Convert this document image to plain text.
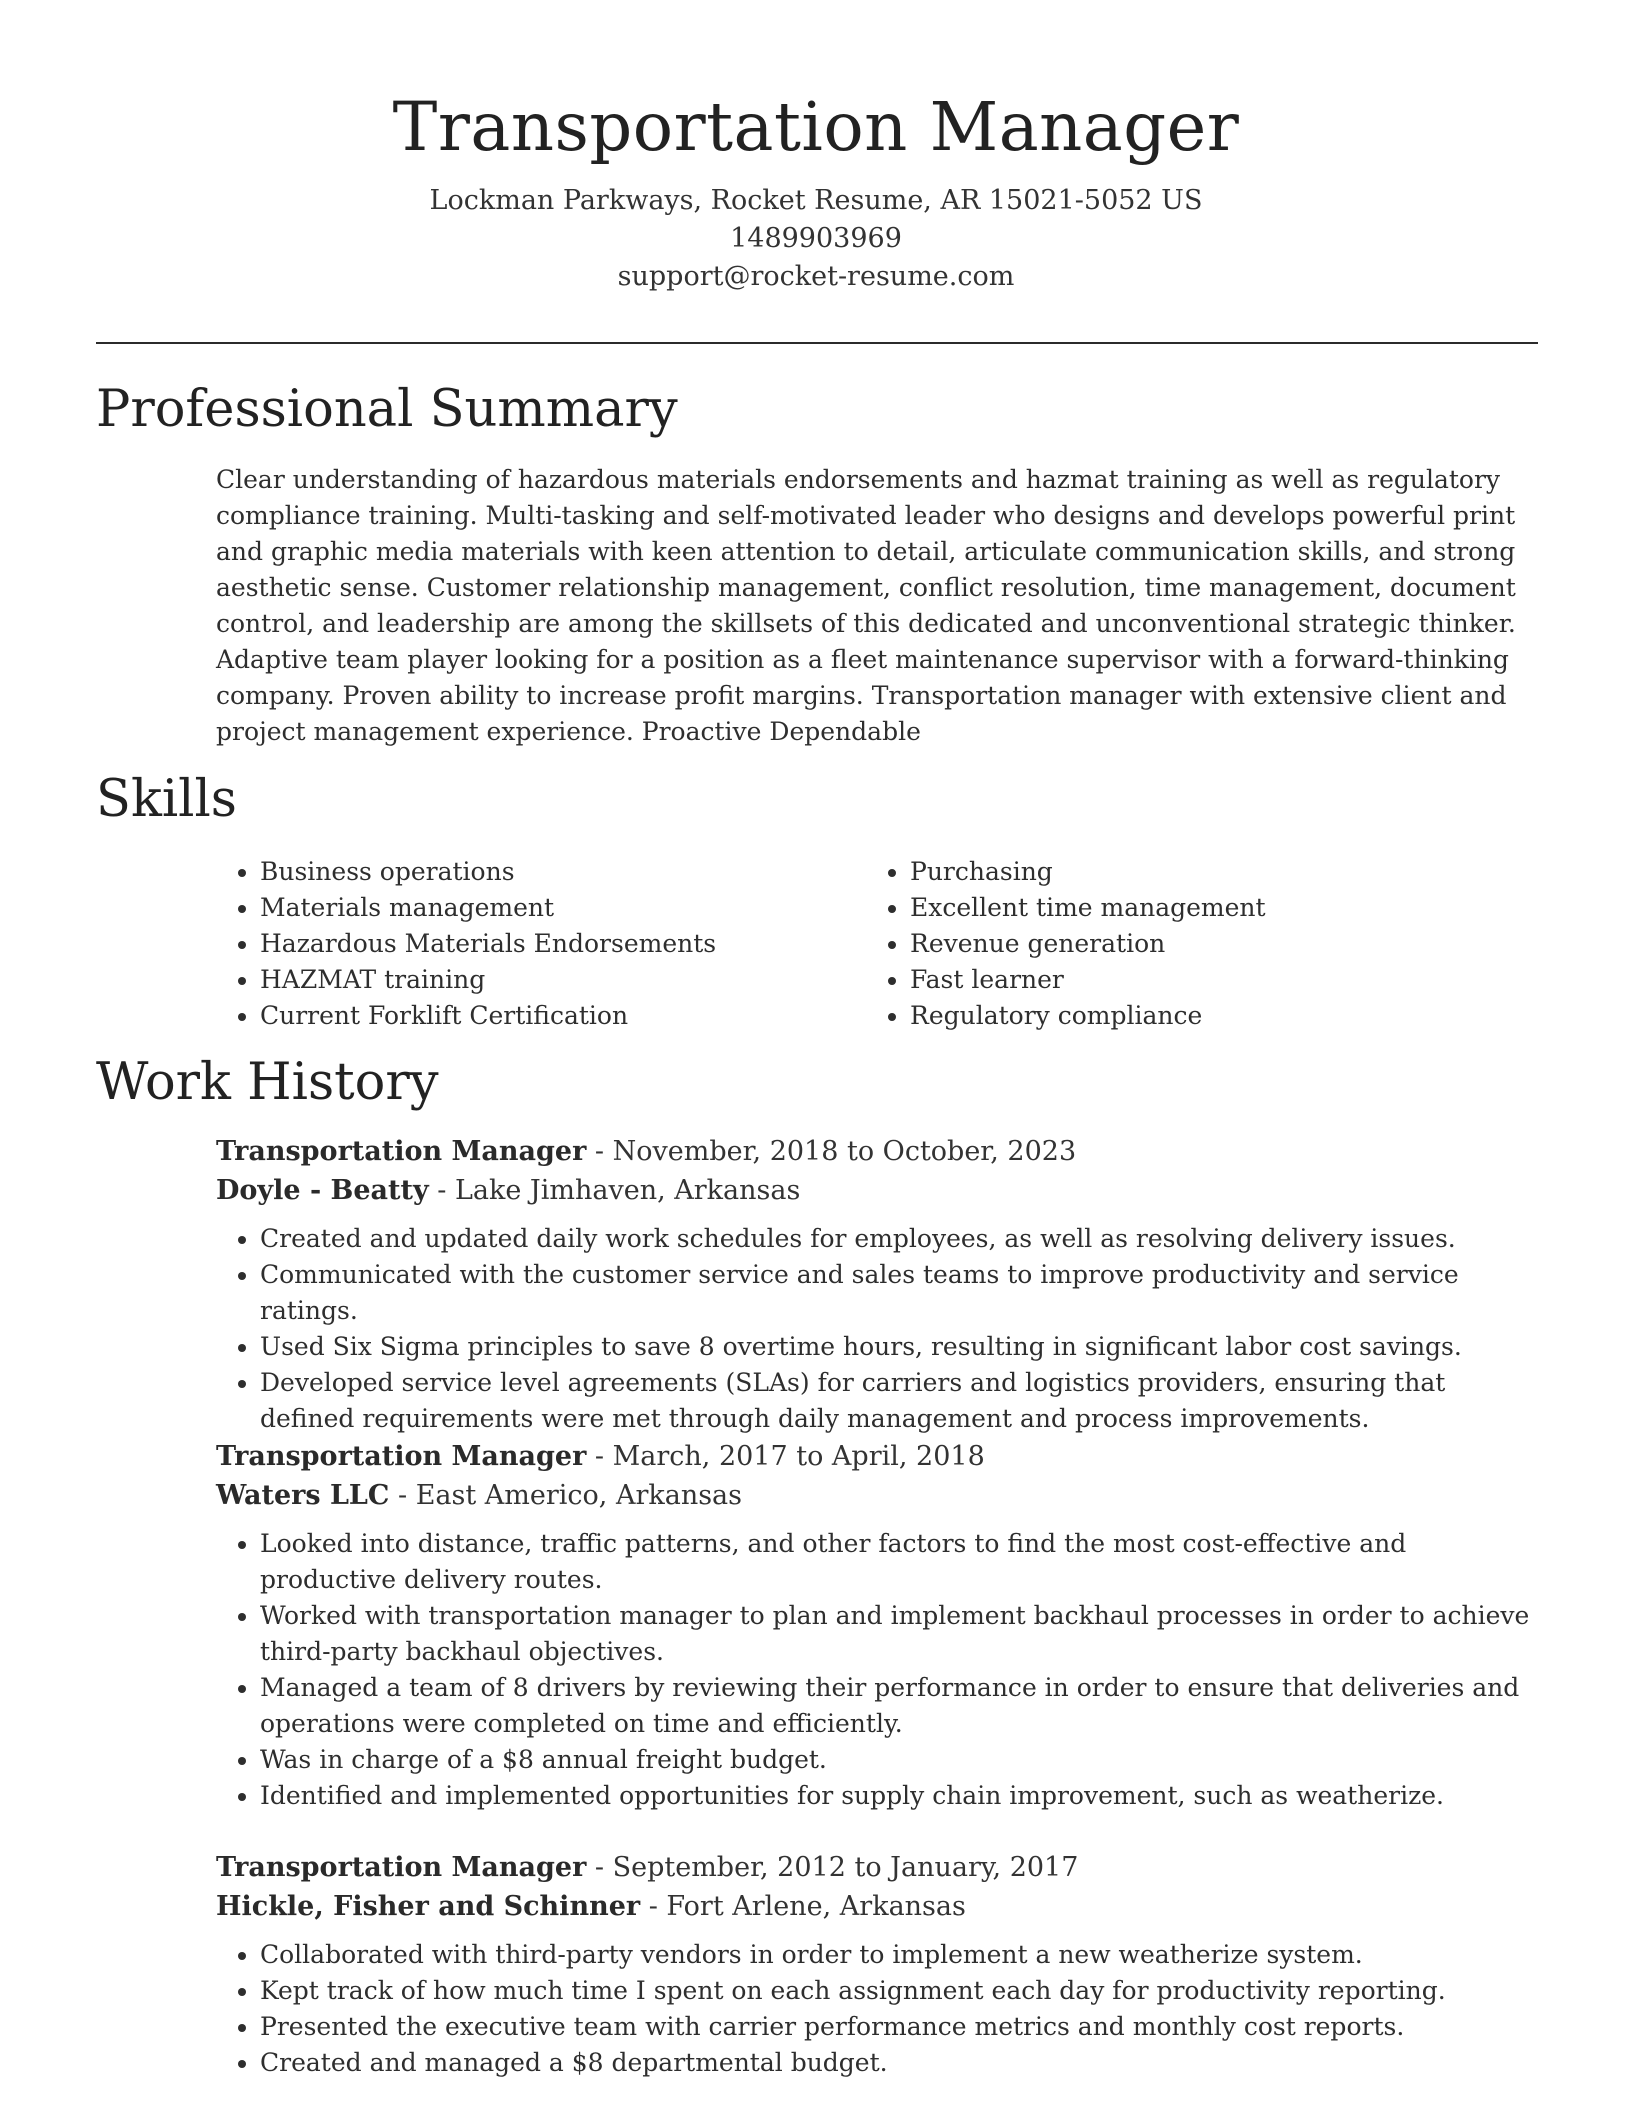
Transportation Manager
Lockman Parkways, Rocket Resume, AR 15021-5052 US
1489903969
support@rocket-resume.com
Professional Summary

Clear understanding of hazardous materials endorsements and hazmat training as well as regulatory compliance training. Multi-tasking and self-motivated leader who designs and develops powerful print and graphic media materials with keen attention to detail, articulate communication skills, and strong aesthetic sense. Customer relationship management, conflict resolution, time management, document control, and leadership are among the skillsets of this dedicated and unconventional strategic thinker. Adaptive team player looking for a position as a fleet maintenance supervisor with a forward-thinking company. Proven ability to increase profit margins. Transportation manager with extensive client and project management experience. Proactive Dependable

Skills
• Business operations
• Materials management
• Hazardous Materials Endorsements
• HAZMAT training
• Current Forklift Certification
• Purchasing
• Excellent time management
• Revenue generation
• Fast learner
• Regulatory compliance
Work History
Transportation Manager - November, 2018 to October, 2023
Doyle - Beatty - Lake Jimhaven, Arkansas
• Created and updated daily work schedules for employees, as well as resolving delivery issues.
• Communicated with the customer service and sales teams to improve productivity and service ratings.
• Used Six Sigma principles to save 8 overtime hours, resulting in significant labor cost savings.
• Developed service level agreements (SLAs) for carriers and logistics providers, ensuring that defined requirements were met through daily management and process improvements.
Transportation Manager - March, 2017 to April, 2018
Waters LLC - East Americo, Arkansas
• Looked into distance, traffic patterns, and other factors to find the most cost-effective and productive delivery routes.
• Worked with transportation manager to plan and implement backhaul processes in order to achieve third-party backhaul objectives.
• Managed a team of 8 drivers by reviewing their performance in order to ensure that deliveries and operations were completed on time and efficiently.
• Was in charge of a $8 annual freight budget.
• Identified and implemented opportunities for supply chain improvement, such as weatherize.
Transportation Manager - September, 2012 to January, 2017
Hickle, Fisher and Schinner - Fort Arlene, Arkansas
• Collaborated with third-party vendors in order to implement a new weatherize system.
• Kept track of how much time I spent on each assignment each day for productivity reporting.
• Presented the executive team with carrier performance metrics and monthly cost reports.
• Created and managed a $8 departmental budget.
